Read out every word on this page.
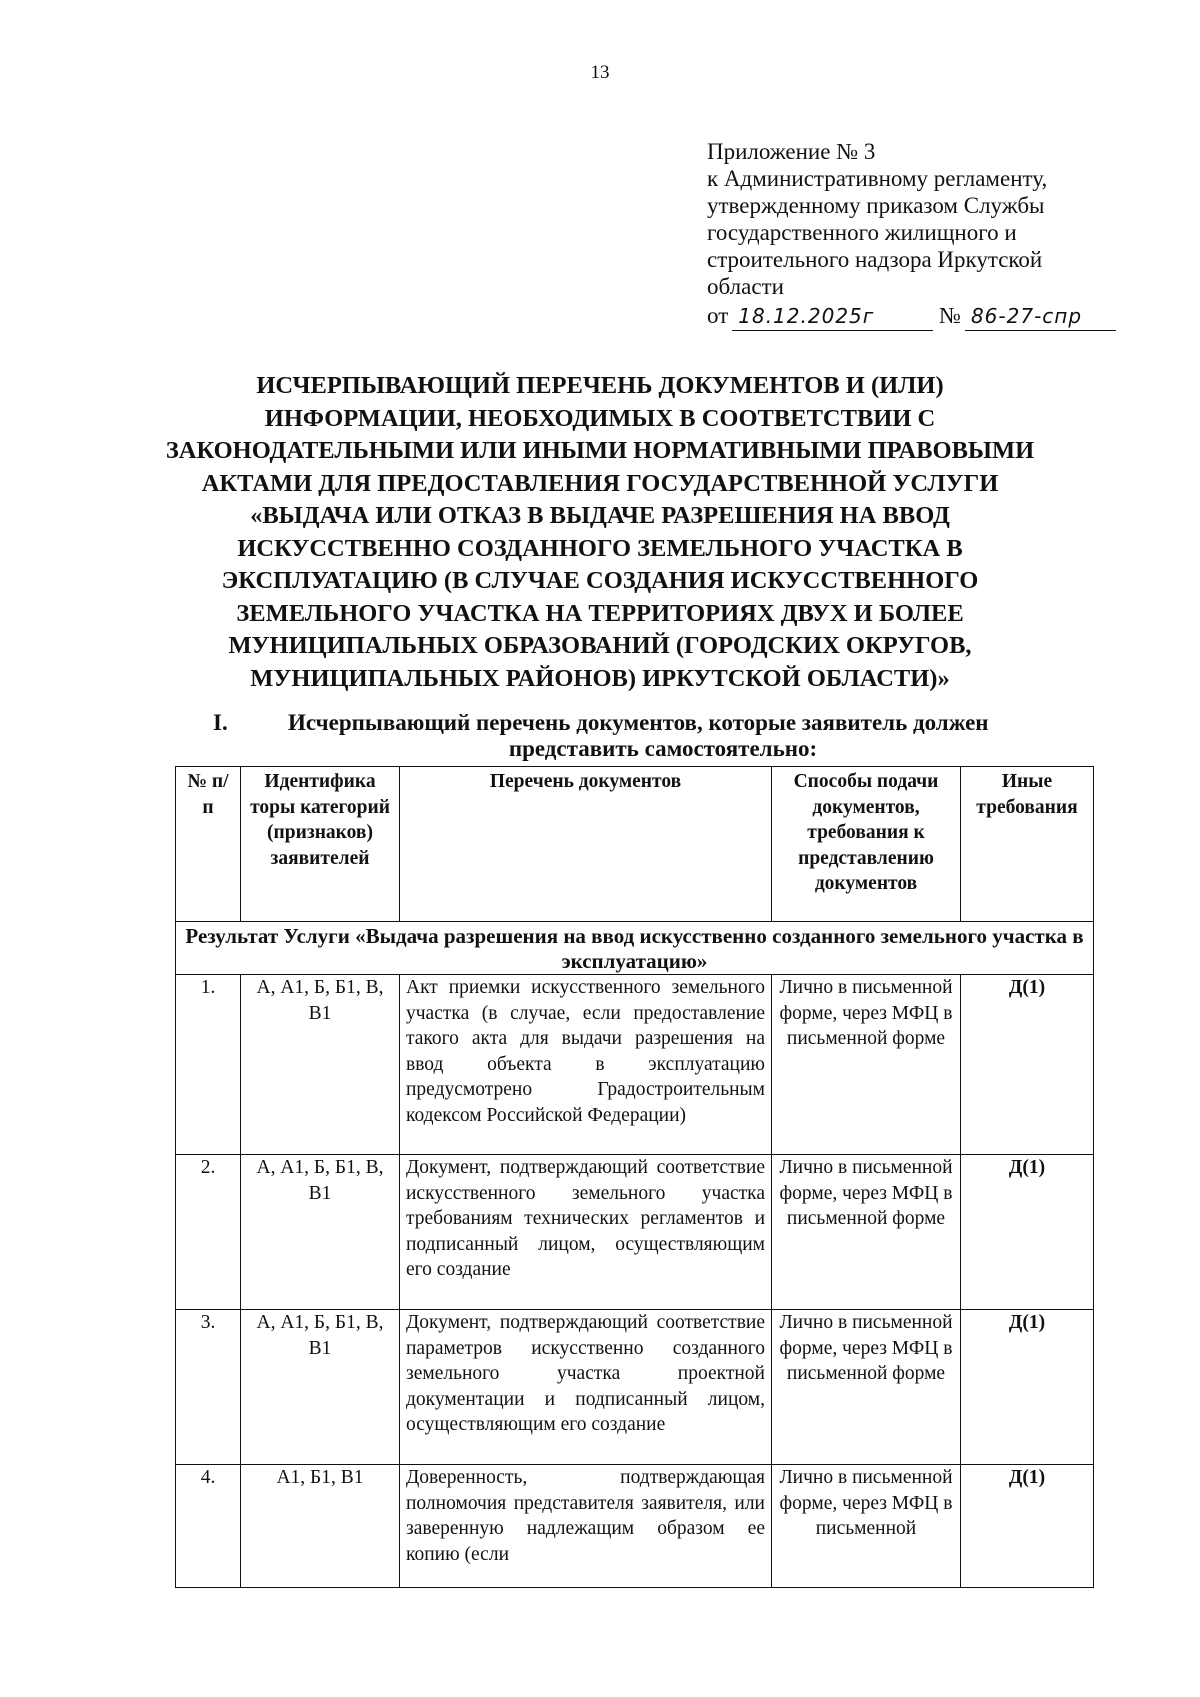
13
Приложение № 3
к Административному регламенту,
утвержденному приказом Службы
государственного жилищного и
строительного надзора Иркутской
области
от 18.12.2025г	№ 86-27-спр
ИСЧЕРПЫВАЮЩИЙ ПЕРЕЧЕНЬ ДОКУМЕНТОВ И (ИЛИ)
ИНФОРМАЦИИ, НЕОБХОДИМЫХ В СООТВЕТСТВИИ С
ЗАКОНОДАТЕЛЬНЫМИ ИЛИ ИНЫМИ НОРМАТИВНЫМИ ПРАВОВЫМИ
АКТАМИ ДЛЯ ПРЕДОСТАВЛЕНИЯ ГОСУДАРСТВЕННОЙ УСЛУГИ
«ВЫДАЧА ИЛИ ОТКАЗ В ВЫДАЧЕ РАЗРЕШЕНИЯ НА ВВОД
ИСКУССТВЕННО СОЗДАННОГО ЗЕМЕЛЬНОГО УЧАСТКА В
ЭКСПЛУАТАЦИЮ (В СЛУЧАЕ СОЗДАНИЯ ИСКУССТВЕННОГО
ЗЕМЕЛЬНОГО УЧАСТКА НА ТЕРРИТОРИЯХ ДВУХ И БОЛЕЕ
МУНИЦИПАЛЬНЫХ ОБРАЗОВАНИЙ (ГОРОДСКИХ ОКРУГОВ,
МУНИЦИПАЛЬНЫХ РАЙОНОВ) ИРКУТСКОЙ ОБЛАСТИ)»
I.	Исчерпывающий перечень документов, которые заявитель должен
представить самостоятельно:
№ п/п	Идентифика торы категорий (признаков) заявителей	Перечень документов	Способы подачи документов, требования к представлению документов	Иные требования
Результат Услуги «Выдача разрешения на ввод искусственно созданного земельного участка в эксплуатацию»				
1.	А, А1, Б, Б1, В, В1	Акт приемки искусственного земельного участка (в случае, если предоставление такого акта для выдачи разрешения на ввод объекта в эксплуатацию предусмотрено Градостроительным кодексом Российской Федерации)	Лично в письменной форме, через МФЦ в письменной форме	Д(1)
2.	А, А1, Б, Б1, В, В1	Документ, подтверждающий соответствие искусственного земельного участка требованиям технических регламентов и подписанный лицом, осуществляющим его создание	Лично в письменной форме, через МФЦ в письменной форме	Д(1)
3.	А, А1, Б, Б1, В, В1	Документ, подтверждающий соответствие параметров искусственно созданного земельного участка проектной документации и подписанный лицом, осуществляющим его создание	Лично в письменной форме, через МФЦ в письменной форме	Д(1)
4.	А1, Б1, В1	Доверенность, подтверждающая полномочия представителя заявителя, или заверенную надлежащим образом ее копию (если	Лично в письменной форме, через МФЦ в письменной	Д(1)
